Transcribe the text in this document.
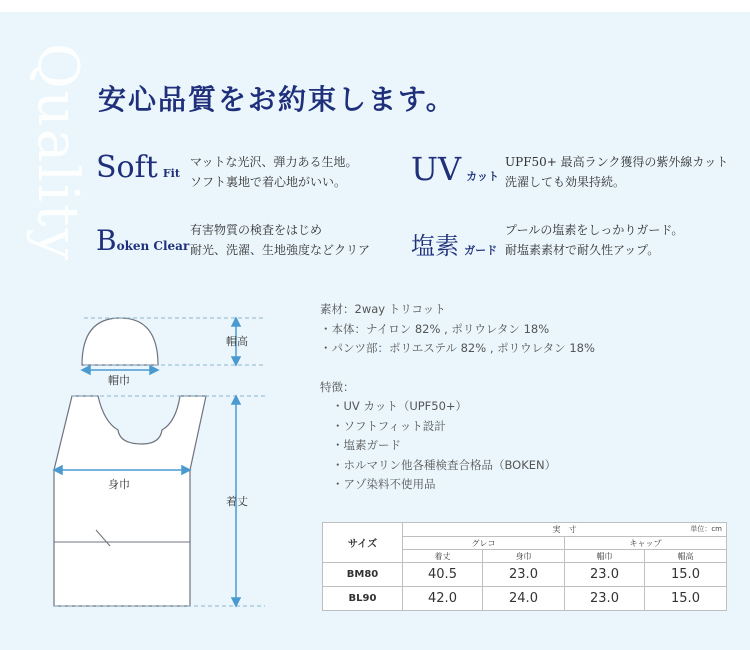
Quality 安心品質をお約束します。
Soft Fit
マットな光沢、弾力ある生地。
ソフト裏地で着心地がいい。	UV カット
UPF50+ 最高ランク獲得の紫外線カット
洗濯しても効果持続。
Boken Clear
有害物質の検査をはじめ
耐光、洗濯、生地強度などクリア 塩素 ガード
プールの塩素をしっかりガード。
耐塩素素材で耐久性アップ。
帽高
帽巾
身巾
着丈
素材：2way トリコット
・本体：ナイロン 82% , ポリウレタン 18%
・パンツ部：ポリエステル 82% , ポリウレタン 18%
特徴：
・UV カット（UPF50+）
・ソフトフィット設計
・塩素ガード
・ホルマリン他各種検査合格品（BOKEN）
・アゾ染料不使用品
サイズ	実　寸 単位：cm			

	グレコ		キャップ	
	着丈	身巾	帽巾	帽高
BM80	40.5	23.0	23.0	15.0
BL90	42.0	24.0	23.0	15.0
